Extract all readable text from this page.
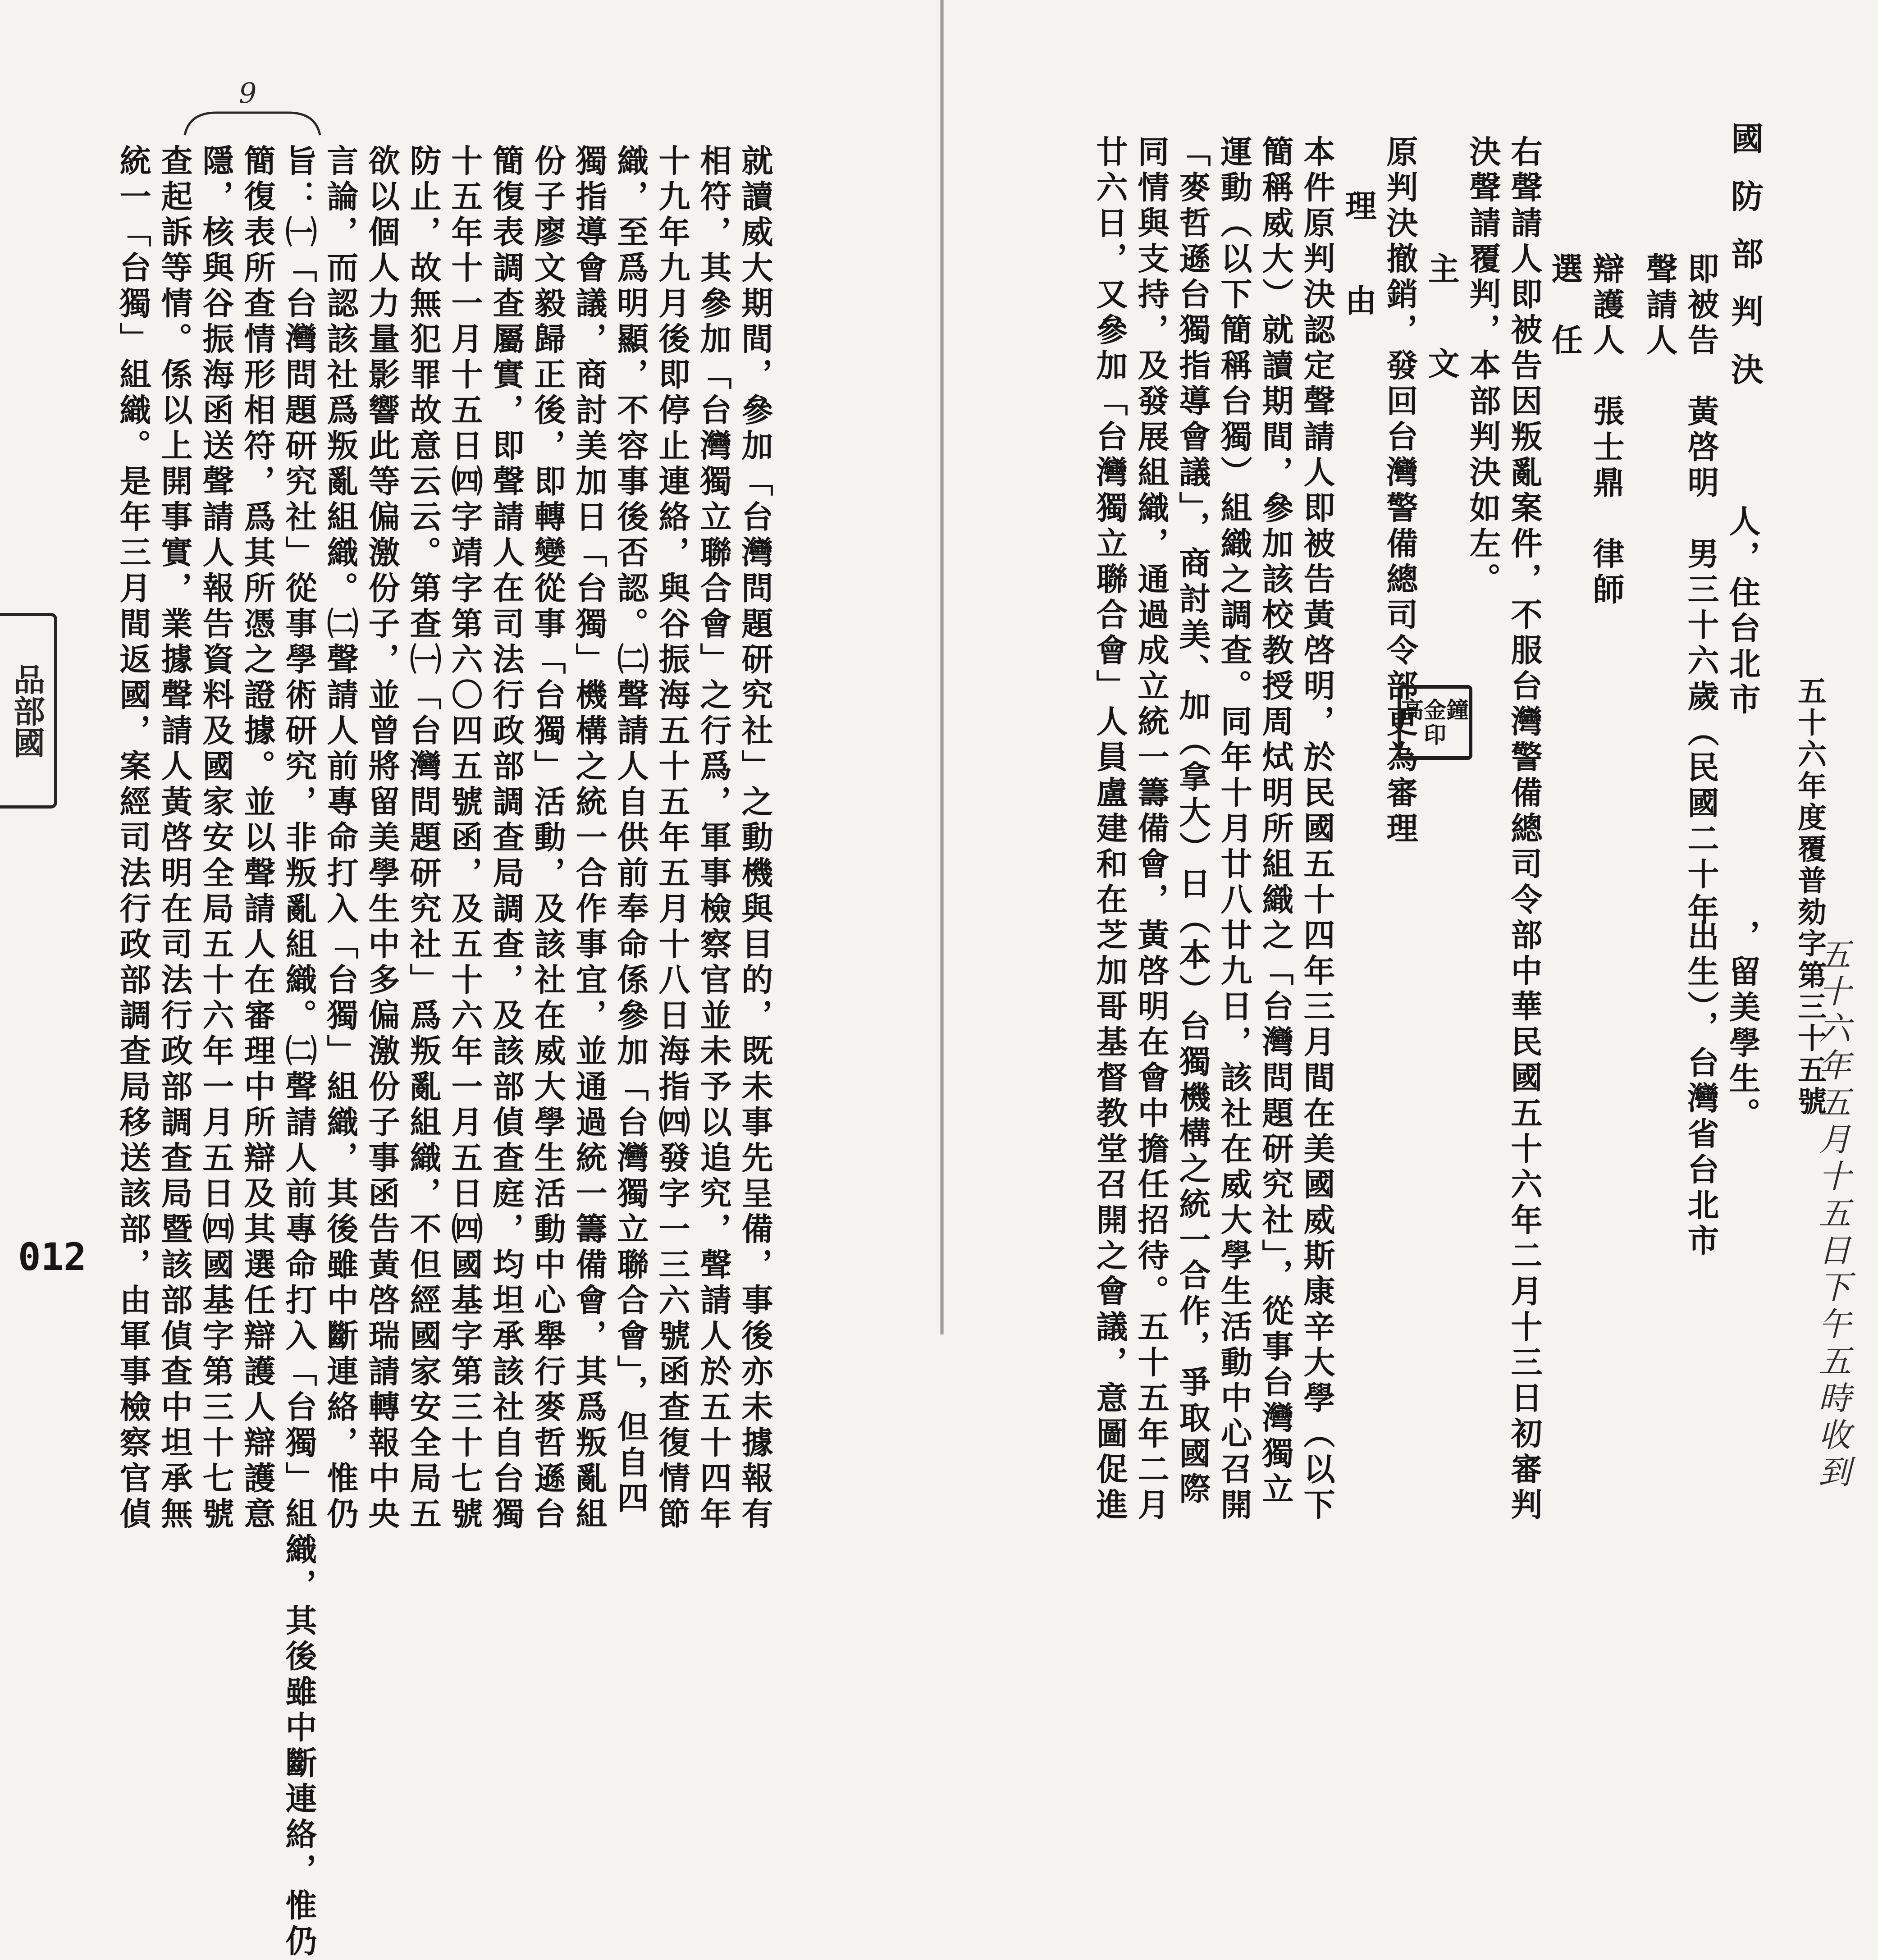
統一「台獨」組織。是年三月間返國，案經司法行政部調查局移送該部，由軍事檢察官偵 查起訴等情。係以上開事實，業據聲請人黃啓明在司法行政部調查局暨該部偵查中坦承無 隱，核與谷振海函送聲請人報告資料及國家安全局五十六年一月五日㈣國基字第三十七號 簡復表所查情形相符，爲其所憑之證據。並以聲請人在審理中所辯及其選任辯護人辯護意 旨：㈠「台灣問題研究社」從事學術研究，非叛亂組織。㈡聲請人前專命打入「台獨」組織，其後雖中斷連絡，惟仍 言論，而認該社爲叛亂組織。㈡聲請人前專命打入「台獨」組織，其後雖中斷連絡，惟仍 欲以個人力量影響此等偏激份子，並曾將留美學生中多偏激份子事函告黃啓瑞請轉報中央 防止，故無犯罪故意云云。第查㈠「台灣問題研究社」爲叛亂組織，不但經國家安全局五 十五年十一月十五日㈣字靖字第六〇四五號函，及五十六年一月五日㈣國基字第三十七號 簡復表調查屬實，即聲請人在司法行政部調查局調查，及該部偵查庭，均坦承該社自台獨 份子廖文毅歸正後，即轉變從事「台獨」活動，及該社在威大學生活動中心舉行麥哲遜台 獨指導會議，商討美加日「台獨」機構之統一合作事宜，並通過統一籌備會，其爲叛亂組 織，至爲明顯，不容事後否認。㈡聲請人自供前奉命係參加「台灣獨立聯合會」，但自四 十九年九月後即停止連絡，與谷振海五十五年五月十八日海指㈣發字一三六號函查復情節 相符，其參加「台灣獨立聯合會」之行爲，軍事檢察官並未予以追究，聲請人於五十四年 就讀威大期間，參加「台灣問題研究社」之動機與目的，既未事先呈備，事後亦未據報有
9
品部國
012
國防部判決
五十六年度覆普劾字第三十五號
聲請人 即被告　黃啓明　男三十六歲（民國二十年
出生），台灣省台北市
人，住台北市
，留美學生。
選　任 辯護人　張士鼎　律師
右聲請人即被告因叛亂案件，不服台灣警備總司令部中華民國五十六年二月十三日初審判
決聲請覆判，本部判決如左。
主　　文
原判決撤銷，發回台灣警備總司令部更為審理
理　　由
本件原判決認定聲請人即被告黃啓明，於民國五十四年三月間在美國威斯康辛大學（以下
簡稱威大）就讀期間，參加該校教授周烒明所組織之「台灣問題研究社」，從事台灣獨立
運動（以下簡稱台獨）組織之調查。同年十月廿八廿九日，該社在威大學生活動中心召開
「麥哲遜台獨指導會議」，商討美、加（拿大）日（本）台獨機構之統一合作，爭取國際
同情與支持，及發展組織，通過成立統一籌備會，黃啓明在會中擔任招待。五十五年二月
廿六日，又參加「台灣獨立聯合會」人員盧建和在芝加哥基督教堂召開之會議，意圖促進	高金鐘印
五十六年五月十五日下午五時收到
